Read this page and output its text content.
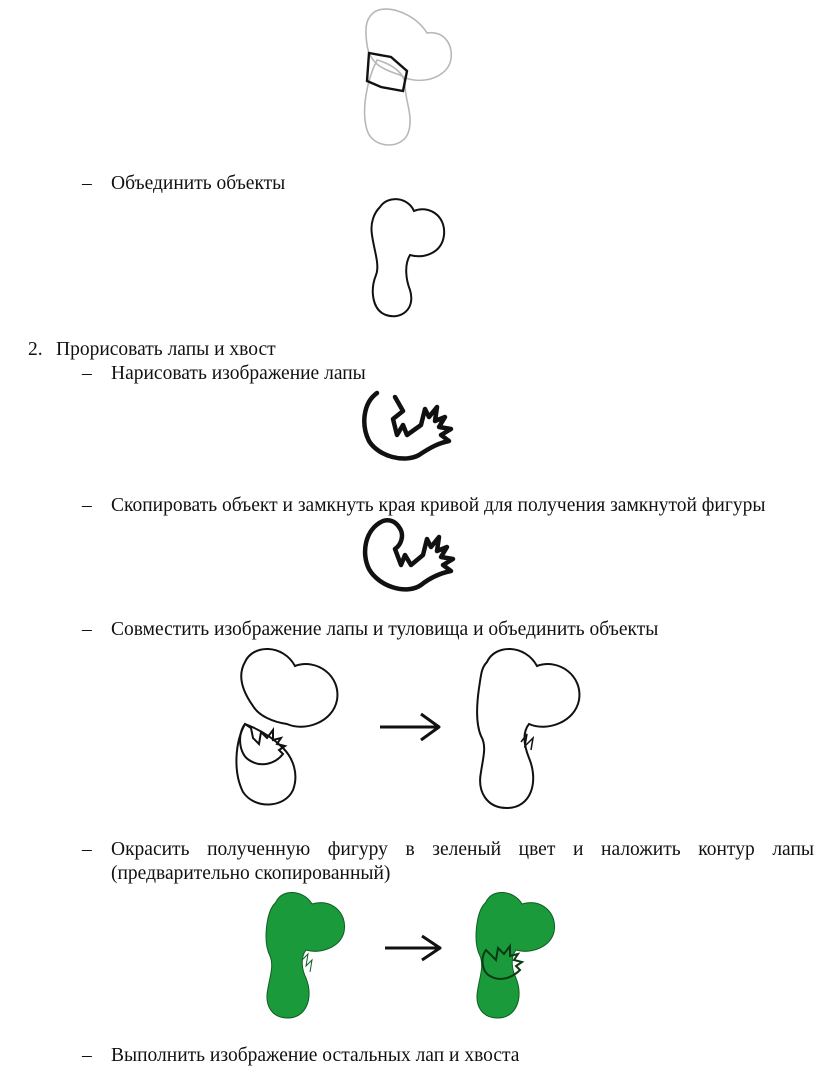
– Объединить объекты
2. Прорисовать лапы и хвост
– Нарисовать изображение лапы
– Скопировать объект и замкнуть края кривой для получения замкнутой фигуры
– Совместить изображение лапы и туловища и объединить объекты
– Окрасить полученную фигуру в зеленый цвет и наложить контур лапы
(предварительно скопированный)
– Выполнить изображение остальных лап и хвоста
